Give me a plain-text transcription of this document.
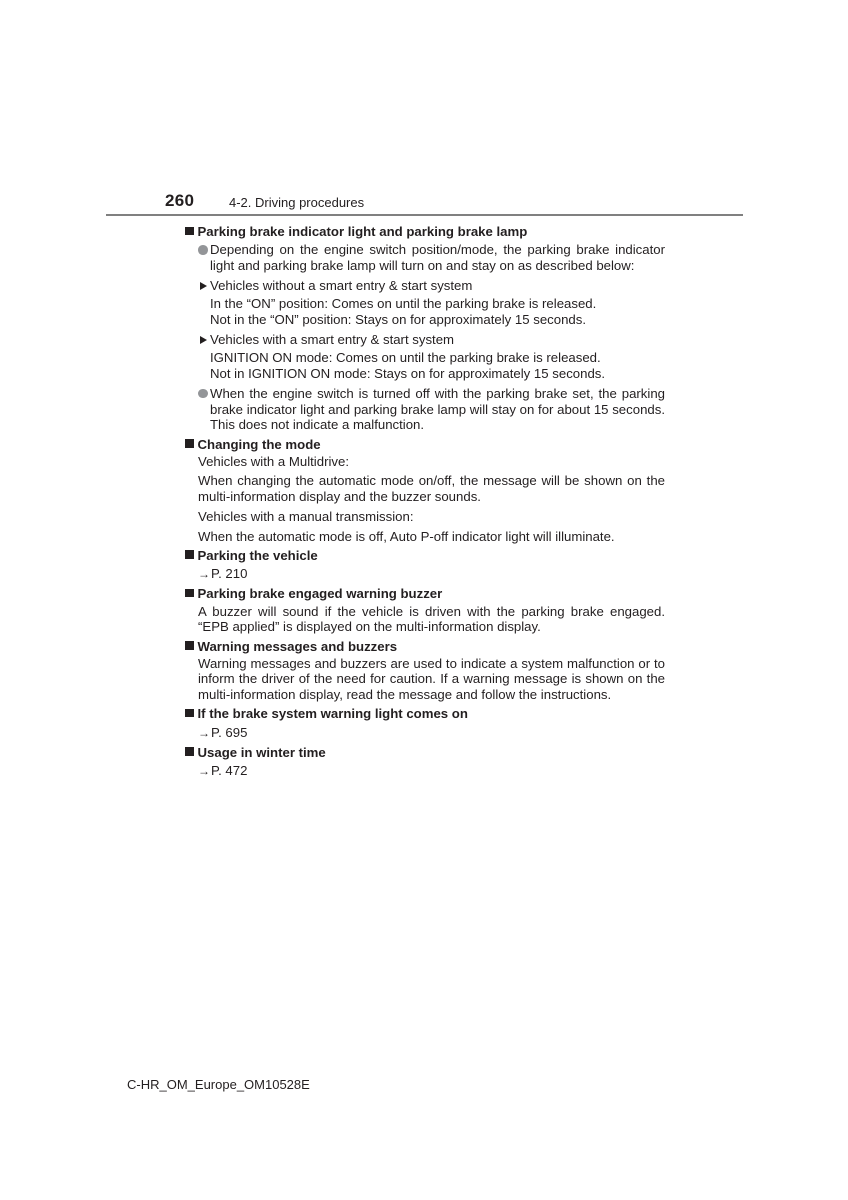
260	4-2. Driving procedures
Parking brake indicator light and parking brake lamp
Depending on the engine switch position/mode, the parking brake indicator light and parking brake lamp will turn on and stay on as described below:
Vehicles without a smart entry & start system
In the “ON” position: Comes on until the parking brake is released.
Not in the “ON” position: Stays on for approximately 15 seconds.
Vehicles with a smart entry & start system
IGNITION ON mode: Comes on until the parking brake is released.
Not in IGNITION ON mode: Stays on for approximately 15 seconds.
When the engine switch is turned off with the parking brake set, the parking brake indicator light and parking brake lamp will stay on for about 15 seconds. This does not indicate a malfunction.
Changing the mode
Vehicles with a Multidrive:
When changing the automatic mode on/off, the message will be shown on the multi-information display and the buzzer sounds.
Vehicles with a manual transmission:
When the automatic mode is off, Auto P-off indicator light will illuminate.
Parking the vehicle
→P. 210
Parking brake engaged warning buzzer
A buzzer will sound if the vehicle is driven with the parking brake engaged. “EPB applied” is displayed on the multi-information display.
Warning messages and buzzers
Warning messages and buzzers are used to indicate a system malfunction or to inform the driver of the need for caution. If a warning message is shown on the multi-information display, read the message and follow the instructions.
If the brake system warning light comes on
→P. 695
Usage in winter time
→P. 472
C-HR_OM_Europe_OM10528E
